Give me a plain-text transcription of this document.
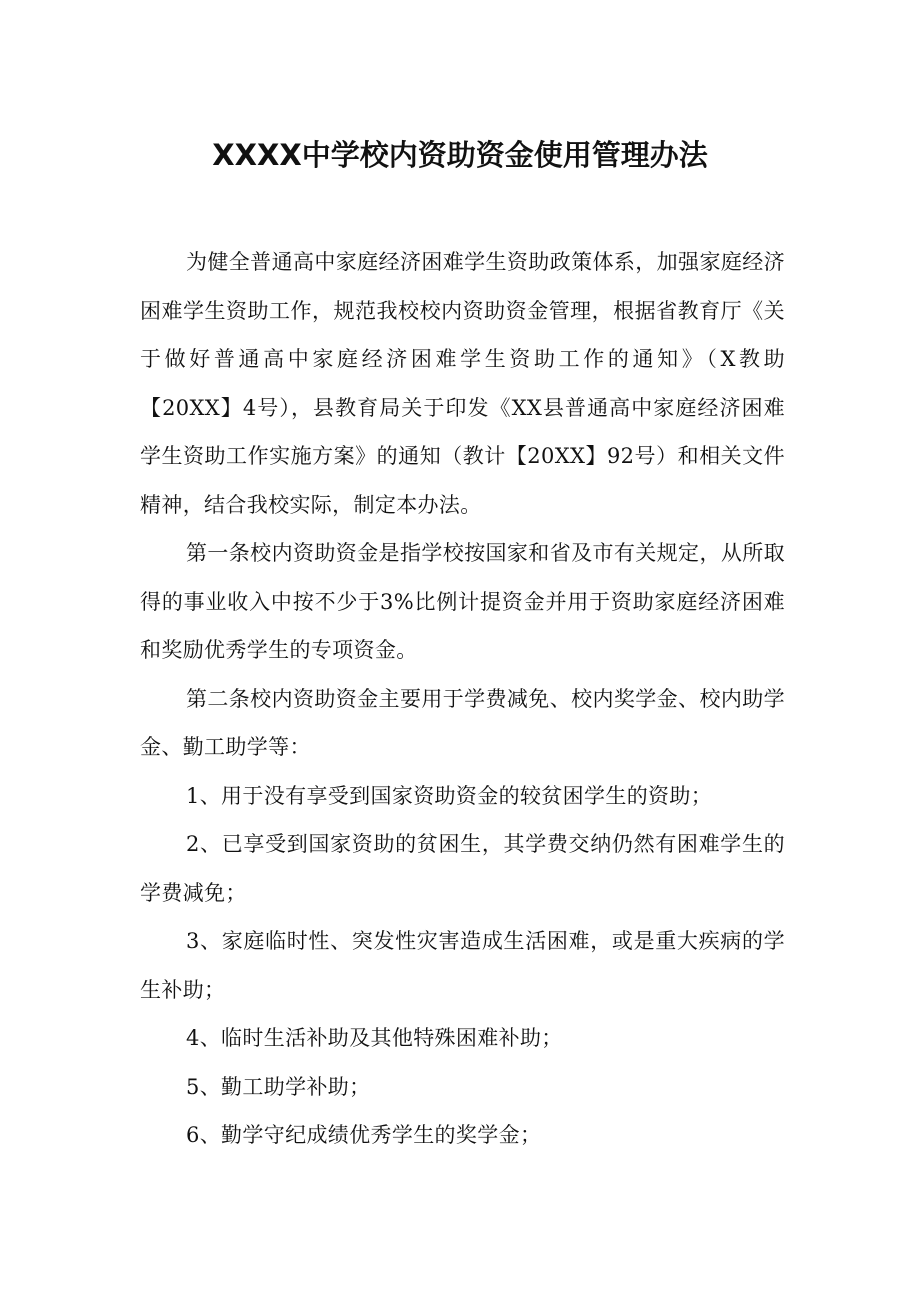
XXXX中学校内资助资金使用管理办法

为健全普通高中家庭经济困难学生资助政策体系，加强家庭经济困难学生资助工作，规范我校校内资助资金管理，根据省教育厅《关于做好普通高中家庭经济困难学生资助工作的通知》（X教助【20XX】4号），县教育局关于印发《XX县普通高中家庭经济困难学生资助工作实施方案》的通知（教计【20XX】92号）和相关文件精神，结合我校实际，制定本办法。

第一条校内资助资金是指学校按国家和省及市有关规定，从所取得的事业收入中按不少于3%比例计提资金并用于资助家庭经济困难和奖励优秀学生的专项资金。

第二条校内资助资金主要用于学费减免、校内奖学金、校内助学金、勤工助学等：

1、用于没有享受到国家资助资金的较贫困学生的资助；

2、已享受到国家资助的贫困生，其学费交纳仍然有困难学生的学费减免；

3、家庭临时性、突发性灾害造成生活困难，或是重大疾病的学生补助；

4、临时生活补助及其他特殊困难补助；

5、勤工助学补助；

6、勤学守纪成绩优秀学生的奖学金；
